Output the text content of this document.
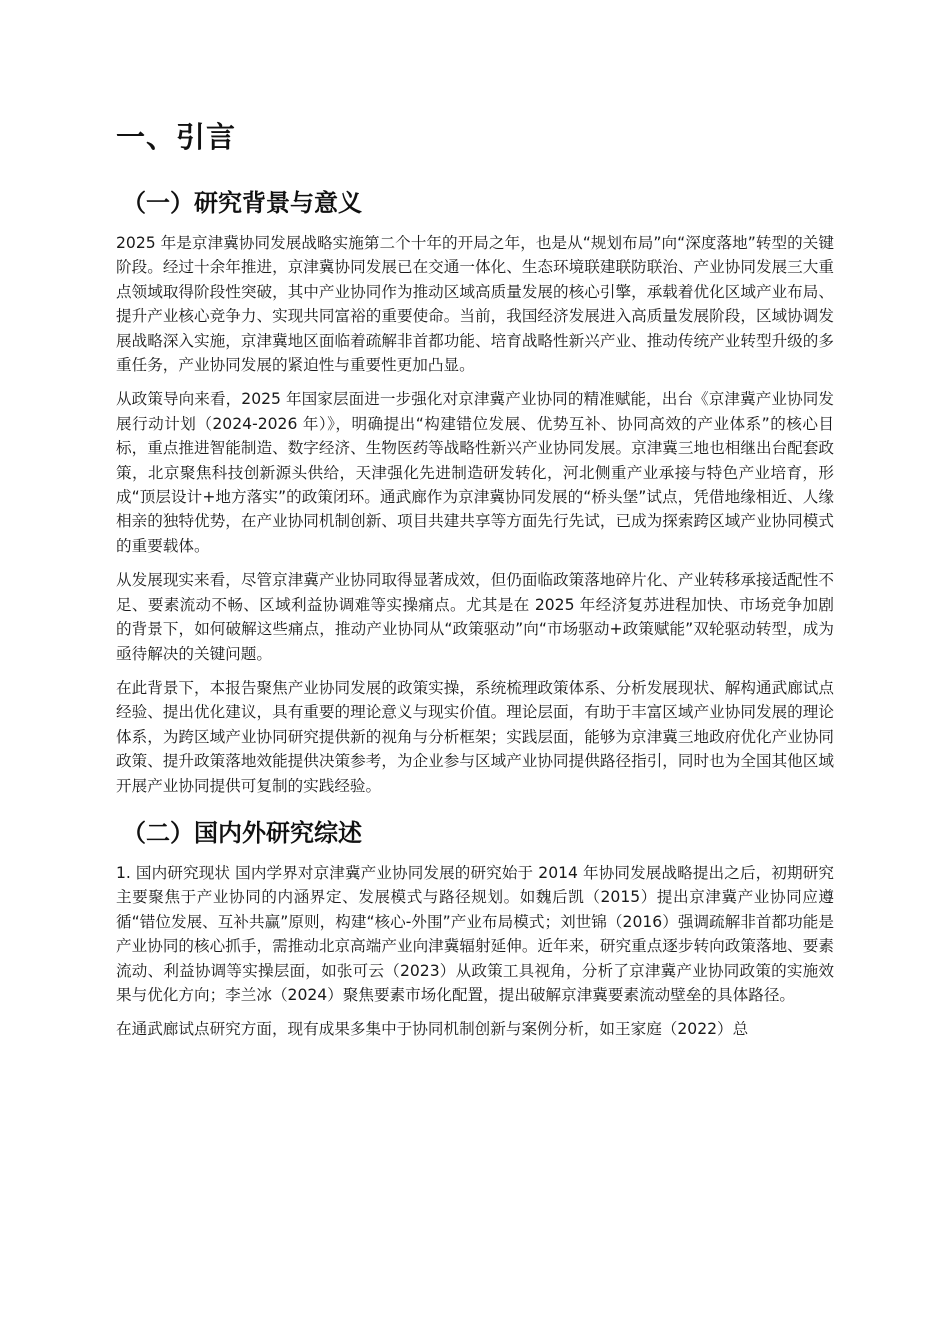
一、引言
（一）研究背景与意义

2025 年是京津冀协同发展战略实施第二个十年的开局之年，也是从“规划布局”向“深度落地”转型的关键阶段。经过十余年推进，京津冀协同发展已在交通一体化、生态环境联建联防联治、产业协同发展三大重点领域取得阶段性突破，其中产业协同作为推动区域高质量发展的核心引擎，承载着优化区域产业布局、提升产业核心竞争力、实现共同富裕的重要使命。当前，我国经济发展进入高质量发展阶段，区域协调发展战略深入实施，京津冀地区面临着疏解非首都功能、培育战略性新兴产业、推动传统产业转型升级的多重任务，产业协同发展的紧迫性与重要性更加凸显。

从政策导向来看，2025 年国家层面进一步强化对京津冀产业协同的精准赋能，出台《京津冀产业协同发展行动计划（2024-2026 年）》，明确提出“构建错位发展、优势互补、协同高效的产业体系”的核心目标，重点推进智能制造、数字经济、生物医药等战略性新兴产业协同发展。京津冀三地也相继出台配套政策，北京聚焦科技创新源头供给，天津强化先进制造研发转化，河北侧重产业承接与特色产业培育，形成“顶层设计+地方落实”的政策闭环。通武廊作为京津冀协同发展的“桥头堡”试点，凭借地缘相近、人缘相亲的独特优势，在产业协同机制创新、项目共建共享等方面先行先试，已成为探索跨区域产业协同模式的重要载体。

从发展现实来看，尽管京津冀产业协同取得显著成效，但仍面临政策落地碎片化、产业转移承接适配性不足、要素流动不畅、区域利益协调难等实操痛点。尤其是在 2025 年经济复苏进程加快、市场竞争加剧的背景下，如何破解这些痛点，推动产业协同从“政策驱动”向“市场驱动+政策赋能”双轮驱动转型，成为亟待解决的关键问题。

在此背景下，本报告聚焦产业协同发展的政策实操，系统梳理政策体系、分析发展现状、解构通武廊试点经验、提出优化建议，具有重要的理论意义与现实价值。理论层面，有助于丰富区域产业协同发展的理论体系，为跨区域产业协同研究提供新的视角与分析框架；实践层面，能够为京津冀三地政府优化产业协同政策、提升政策落地效能提供决策参考，为企业参与区域产业协同提供路径指引，同时也为全国其他区域开展产业协同提供可复制的实践经验。

（二）国内外研究综述

1. 国内研究现状 国内学界对京津冀产业协同发展的研究始于 2014 年协同发展战略提出之后，初期研究主要聚焦于产业协同的内涵界定、发展模式与路径规划。如魏后凯（2015）提出京津冀产业协同应遵循“错位发展、互补共赢”原则，构建“核心-外围”产业布局模式；刘世锦（2016）强调疏解非首都功能是产业协同的核心抓手，需推动北京高端产业向津冀辐射延伸。近年来，研究重点逐步转向政策落地、要素流动、利益协调等实操层面，如张可云（2023）从政策工具视角，分析了京津冀产业协同政策的实施效果与优化方向；李兰冰（2024）聚焦要素市场化配置，提出破解京津冀要素流动壁垒的具体路径。

在通武廊试点研究方面，现有成果多集中于协同机制创新与案例分析，如王家庭（2022）总
